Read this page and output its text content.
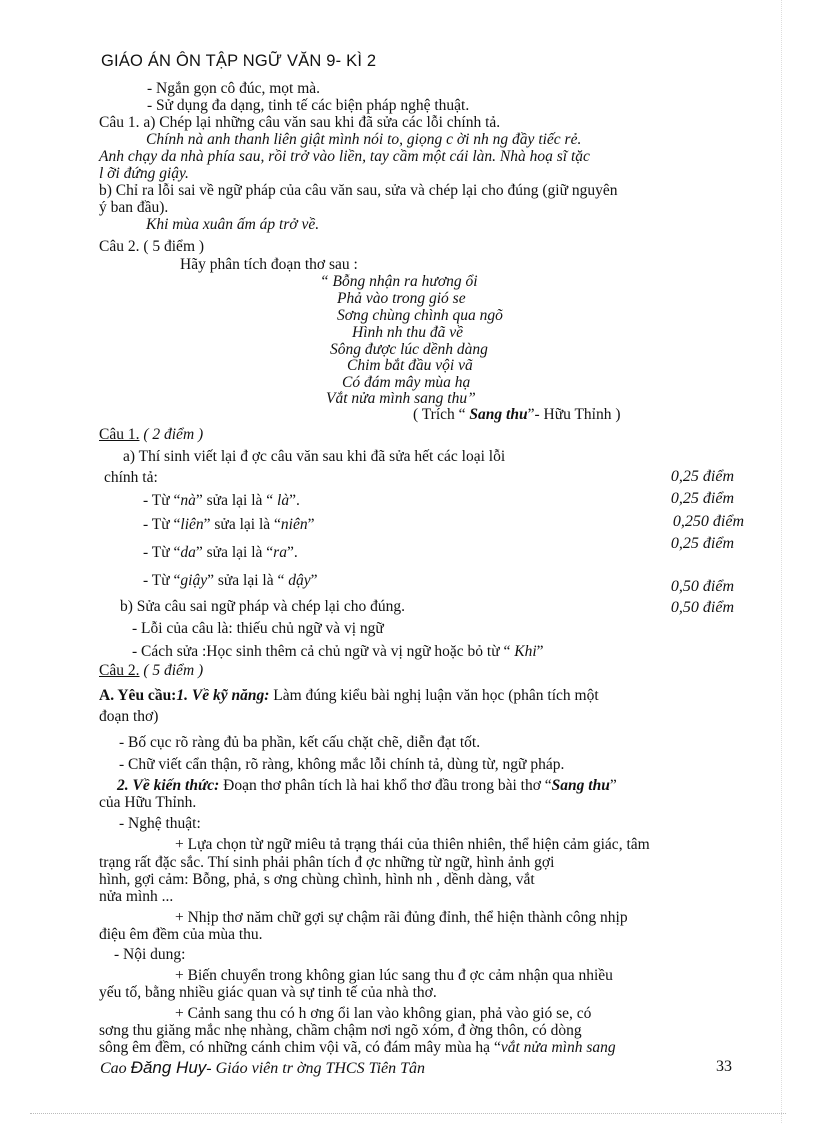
GIÁO ÁN ÔN TẬP NGỮ VĂN 9- KÌ 2
- Ngắn gọn cô đúc, mọt mà.
- Sử dụng đa dạng, tinh tế các biện pháp nghệ thuật.
Câu 1. a) Chép lại những câu văn sau khi đã sửa các lỗi chính tả.
Chính nà anh thanh liên giật mình nói to, giọng c ời nh ng đầy tiếc rẻ.
Anh chạy da nhà phía sau, rồi trở vào liền, tay cầm một cái làn. Nhà hoạ sĩ tặc
l ỡi đứng giậy.
b) Chỉ ra lỗi sai về ngữ pháp của câu văn sau, sửa và chép lại cho đúng (giữ nguyên
ý ban đầu).
Khi mùa xuân ấm áp trở về.
Câu 2. ( 5 điểm )
Hãy phân tích đoạn thơ sau :
“ Bỗng nhận ra hương ổi
Phả vào trong gió se
Sơng chùng chình qua ngõ
Hình nh thu đã về
Sông được lúc dềnh dàng
Chim bắt đầu vội vã
Có đám mây mùa hạ
Vắt nửa mình sang thu”
( Trích “ Sang thu”- Hữu Thỉnh )
Câu 1. ( 2 điểm )
a) Thí sinh viết lại đ ợc câu văn sau khi đã sửa hết các loại lỗi
chính tả:
- Từ “nà” sửa lại là “ là”.
- Từ “liên” sửa lại là “niên”
- Từ “da” sửa lại là “ra”.
- Từ “giậy” sửa lại là “ dậy”
b) Sửa câu sai ngữ pháp và chép lại cho đúng.
- Lỗi của câu là: thiếu chủ ngữ và vị ngữ
- Cách sửa :Học sinh thêm cả chủ ngữ và vị ngữ hoặc bỏ từ “ Khi”
0,25 điểm
0,25 điểm
0,250 điểm
0,25 điểm
0,50 điểm
0,50 điểm
Câu 2. ( 5 điểm )
A. Yêu cầu:1. Về kỹ năng: Làm đúng kiểu bài nghị luận văn học (phân tích một
đoạn thơ)
- Bố cục rõ ràng đủ ba phần, kết cấu chặt chẽ, diễn đạt tốt.
- Chữ viết cẩn thận, rõ ràng, không mắc lỗi chính tả, dùng từ, ngữ pháp.
2. Về kiến thức: Đoạn thơ phân tích là hai khổ thơ đầu trong bài thơ “Sang thu”
của Hữu Thỉnh.
- Nghệ thuật:
+ Lựa chọn từ ngữ miêu tả trạng thái của thiên nhiên, thể hiện cảm giác, tâm
trạng rất đặc sắc. Thí sinh phải phân tích đ ợc những từ ngữ, hình ảnh gợi
hình, gợi cảm: Bỗng, phả, s ơng chùng chình, hình nh , dềnh dàng, vắt
nửa mình ...
+ Nhịp thơ năm chữ gợi sự chậm rãi đủng đỉnh, thể hiện thành công nhịp
điệu êm đềm của mùa thu.
- Nội dung:
+ Biến chuyển trong không gian lúc sang thu đ ợc cảm nhận qua nhiều
yếu tố, bằng nhiều giác quan và sự tinh tế của nhà thơ.
+ Cảnh sang thu có h ơng ổi lan vào không gian, phả vào gió se, có
sơng thu giăng mắc nhẹ nhàng, chầm chậm nơi ngõ xóm, đ ờng thôn, có dòng
sông êm đềm, có những cánh chim vội vã, có đám mây mùa hạ “vắt nửa mình sang
Cao Đăng Huy- Giáo viên tr ờng THCS Tiên Tân	33
